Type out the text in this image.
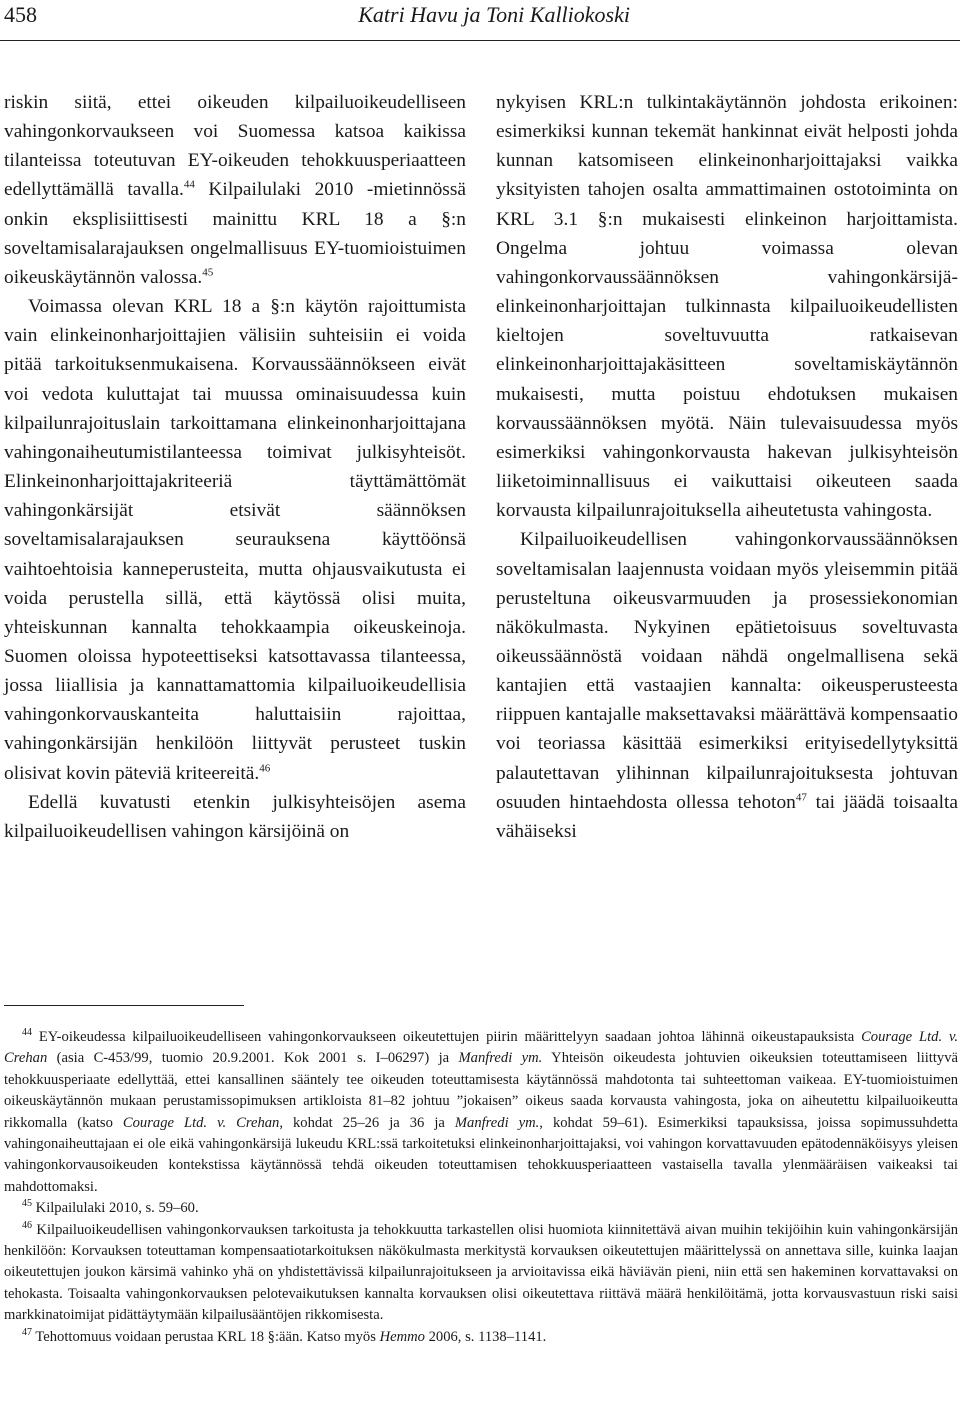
458	Katri Havu ja Toni Kalliokoski

riskin siitä, ettei oikeuden kilpailuoikeudelliseen vahingonkorvaukseen voi Suomessa katsoa kaikissa tilanteissa toteutuvan EY-oikeuden tehokkuusperiaatteen edellyttämällä tavalla.$^{44}$ Kilpailulaki 2010 -mietinnössä onkin eksplisiittisesti mainittu KRL 18 a §:n soveltamisalarajauksen ongelmallisuus EY-tuomioistuimen oikeuskäytännön valossa.$^{45}$

Voimassa olevan KRL 18 a §:n käytön rajoittumista vain elinkeinonharjoittajien välisiin suhteisiin ei voida pitää tarkoituksenmukaisena. Korvaussäännökseen eivät voi vedota kuluttajat tai muussa ominaisuudessa kuin kilpailunrajoituslain tarkoittamana elinkeinonharjoittajana vahingonaiheutumistilanteessa toimivat julkisyhteisöt. Elinkeinonharjoittajakriteeriä täyttämättömät vahingonkärsijät etsivät säännöksen soveltamisalarajauksen seurauksena käyttöönsä vaihtoehtoisia kanneperusteita, mutta ohjausvaikutusta ei voida perustella sillä, että käytössä olisi muita, yhteiskunnan kannalta tehokkaampia oikeuskeinoja. Suomen oloissa hypoteettiseksi katsottavassa tilanteessa, jossa liiallisia ja kannattamattomia kilpailuoikeudellisia vahingonkorvauskanteita haluttaisiin rajoittaa, vahingonkärsijän henkilöön liittyvät perusteet tuskin olisivat kovin päteviä kriteereitä.$^{46}$

Edellä kuvatusti etenkin julkisyhteisöjen asema kilpailuoikeudellisen vahingon kärsijöinä on

nykyisen KRL:n tulkintakäytännön johdosta erikoinen: esimerkiksi kunnan tekemät hankinnat eivät helposti johda kunnan katsomiseen elinkeinonharjoittajaksi vaikka yksityisten tahojen osalta ammattimainen ostotoiminta on KRL 3.1 §:n mukaisesti elinkeinon harjoittamista. Ongelma johtuu voimassa olevan vahingonkorvaussäännöksen vahingonkärsijä-elinkeinonharjoittajan tulkinnasta kilpailuoikeudellisten kieltojen soveltuvuutta ratkaisevan elinkeinonharjoittajakäsitteen soveltamiskäytännön mukaisesti, mutta poistuu ehdotuksen mukaisen korvaussäännöksen myötä. Näin tulevaisuudessa myös esimerkiksi vahingonkorvausta hakevan julkisyhteisön liiketoiminnallisuus ei vaikuttaisi oikeuteen saada korvausta kilpailunrajoituksella aiheutetusta vahingosta.

Kilpailuoikeudellisen vahingonkorvaussäännöksen soveltamisalan laajennusta voidaan myös yleisemmin pitää perusteltuna oikeusvarmuuden ja prosessiekonomian näkökulmasta. Nykyinen epätietoisuus soveltuvasta oikeussäännöstä voidaan nähdä ongelmallisena sekä kantajien että vastaajien kannalta: oikeusperusteesta riippuen kantajalle maksettavaksi määrättävä kompensaatio voi teoriassa käsittää esimerkiksi erityisedellytyksittä palautettavan ylihinnan kilpailunrajoituksesta johtuvan osuuden hintaehdosta ollessa tehoton$^{47}$ tai jäädä toisaalta vähäiseksi

$^{44}$ EY-oikeudessa kilpailuoikeudelliseen vahingonkorvaukseen oikeutettujen piirin määrittelyyn saadaan johtoa lähinnä oikeustapauksista Courage Ltd. v. Crehan (asia C-453/99, tuomio 20.9.2001. Kok 2001 s. I–06297) ja Manfredi ym. Yhteisön oikeudesta johtuvien oikeuksien toteuttamiseen liittyvä tehokkuusperiaate edellyttää, ettei kansallinen sääntely tee oikeuden toteuttamisesta käytännössä mahdotonta tai suhteettoman vaikeaa. EY-tuomioistuimen oikeuskäytännön mukaan perustamissopimuksen artikloista 81–82 johtuu ”jokaisen” oikeus saada korvausta vahingosta, joka on aiheutettu kilpailuoikeutta rikkomalla (katso Courage Ltd. v. Crehan, kohdat 25–26 ja 36 ja Manfredi ym., kohdat 59–61). Esimerkiksi tapauksissa, joissa sopimussuhdetta vahingonaiheuttajaan ei ole eikä vahingonkärsijä lukeudu KRL:ssä tarkoitetuksi elinkeinonharjoittajaksi, voi vahingon korvattavuuden epätodennäköisyys yleisen vahingonkorvausoikeuden kontekstissa käytännössä tehdä oikeuden toteuttamisen tehokkuusperiaatteen vastaisella tavalla ylenmääräisen vaikeaksi tai mahdottomaksi.

$^{45}$ Kilpailulaki 2010, s. 59–60.

$^{46}$ Kilpailuoikeudellisen vahingonkorvauksen tarkoitusta ja tehokkuutta tarkastellen olisi huomiota kiinnitettävä aivan muihin tekijöihin kuin vahingonkärsijän henkilöön: Korvauksen toteuttaman kompensaatiotarkoituksen näkökulmasta merkitystä korvauksen oikeutettujen määrittelyssä on annettava sille, kuinka laajan oikeutettujen joukon kärsimä vahinko yhä on yhdistettävissä kilpailunrajoitukseen ja arvioitavissa eikä häviävän pieni, niin että sen hakeminen korvattavaksi on tehokasta. Toisaalta vahingonkorvauksen pelotevaikutuksen kannalta korvauksen olisi oikeutettava riittävä määrä henkilöitämä, jotta korvausvastuun riski saisi markkinatoimijat pidättäytymään kilpailusääntöjen rikkomisesta.

$^{47}$ Tehottomuus voidaan perustaa KRL 18 §:ään. Katso myös Hemmo 2006, s. 1138–1141.
